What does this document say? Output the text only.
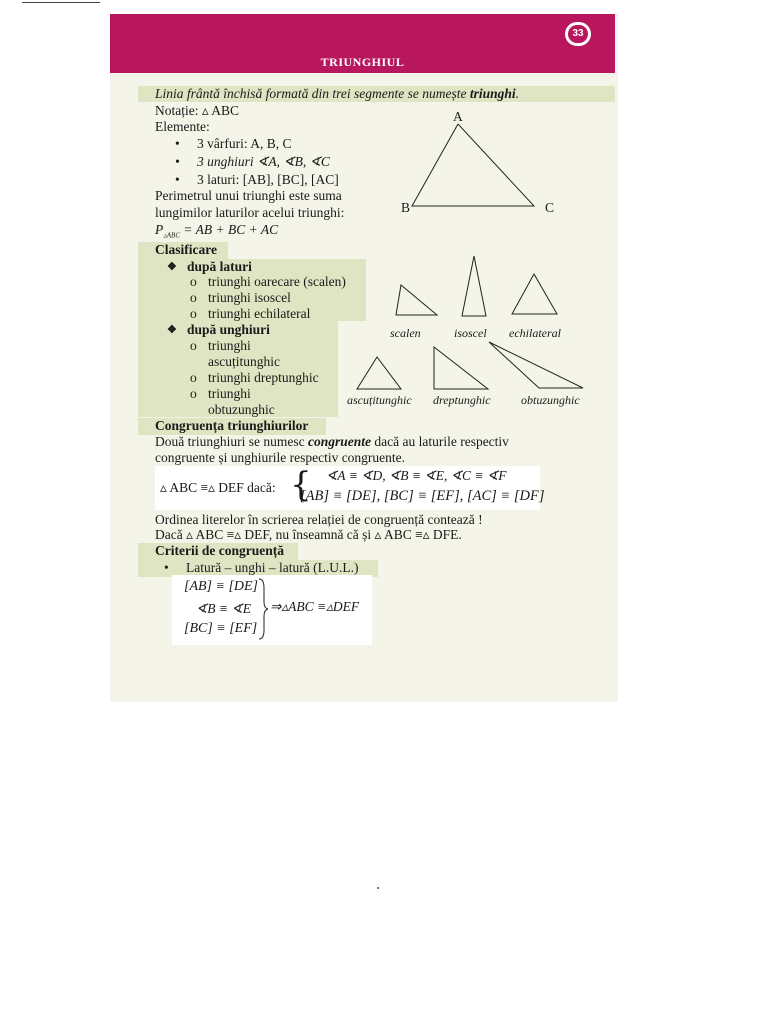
Geometrie
33
TRIUNGHIUL
Linia frântă închisă formată din trei segmente se numește triunghi.
Notație: ▵ ABC
Elemente:
• 3 vârfuri: A, B, C
• 3 unghiuri ∢A, ∢B, ∢C
• 3 laturi: [AB], [BC], [AC]
Perimetrul unui triunghi este suma
lungimilor laturilor acelui triunghi:
$P_{▵ABC}$ = AB + BC + AC
A
B	C
Clasificare
❖ după laturi
o triunghi oarecare (scalen)
o triunghi isoscel
o triunghi echilateral
❖ după unghiuri
o triunghi
ascuțitunghic
o triunghi dreptunghic
o triunghi
obtuzunghic
scalen	isoscel echilateral
ascuțitunghic dreptunghic	obtuzunghic
Congruența triunghiurilor
Două triunghiuri se numesc congruente dacă au laturile respectiv
congruente și unghiurile respectiv congruente.
▵ ABC ≡▵ DEF dacă: { ∢A ≡ ∢D, ∢B ≡ ∢E, ∢C ≡ ∢F
[AB] ≡ [DE], [BC] ≡ [EF], [AC] ≡ [DF]
Ordinea literelor în scrierea relației de congruență contează !
Dacă ▵ ABC ≡▵ DEF, nu înseamnă că și ▵ ABC ≡▵ DFE.
Criterii de congruență
• Latură – unghi – latură (L.U.L.)
[AB] ≡ [DE]
∢B ≡ ∢E
[BC] ≡ [EF]
⇒▵ABC ≡▵DEF
